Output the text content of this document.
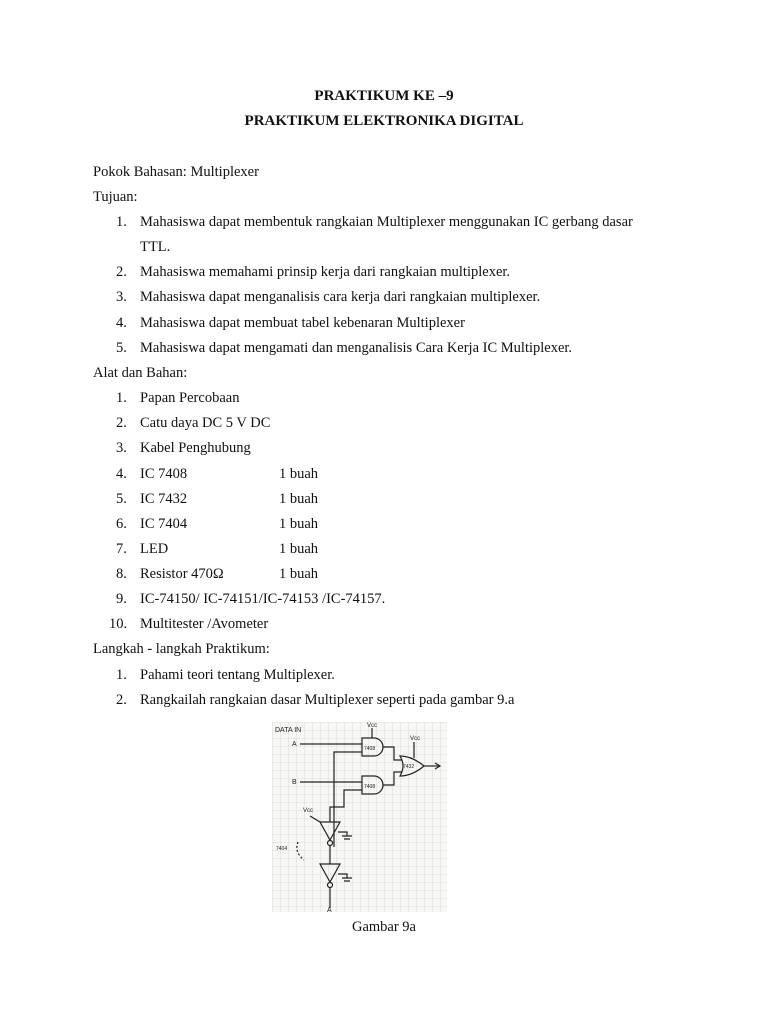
PRAKTIKUM KE –9
PRAKTIKUM ELEKTRONIKA DIGITAL
Pokok Bahasan: Multiplexer
Tujuan:
1. Mahasiswa dapat membentuk rangkaian Multiplexer menggunakan IC gerbang dasar
TTL.
2. Mahasiswa memahami prinsip kerja dari rangkaian multiplexer.
3. Mahasiswa dapat menganalisis cara kerja dari rangkaian multiplexer.
4. Mahasiswa dapat membuat tabel kebenaran Multiplexer
5. Mahasiswa dapat mengamati dan menganalisis Cara Kerja IC Multiplexer.
Alat dan Bahan:
1. Papan Percobaan
2. Catu daya DC 5 V DC
3. Kabel Penghubung
4. IC 7408	1 buah
5. IC 7432	1 buah
6. IC 7404	1 buah
7. LED	1 buah
8. Resistor 470Ω	1 buah
9. IC-74150/ IC-74151/IC-74153 /IC-74157.
10. Multitester /Avometer
Langkah - langkah Praktikum:
1. Pahami teori tentang Multiplexer.
2. Rangkailah rangkaian dasar Multiplexer seperti pada gambar 9.a
DATA IN
A
B
Vcc
Vcc
Vcc
7408
7408
7432
7404
A
Gambar 9a
